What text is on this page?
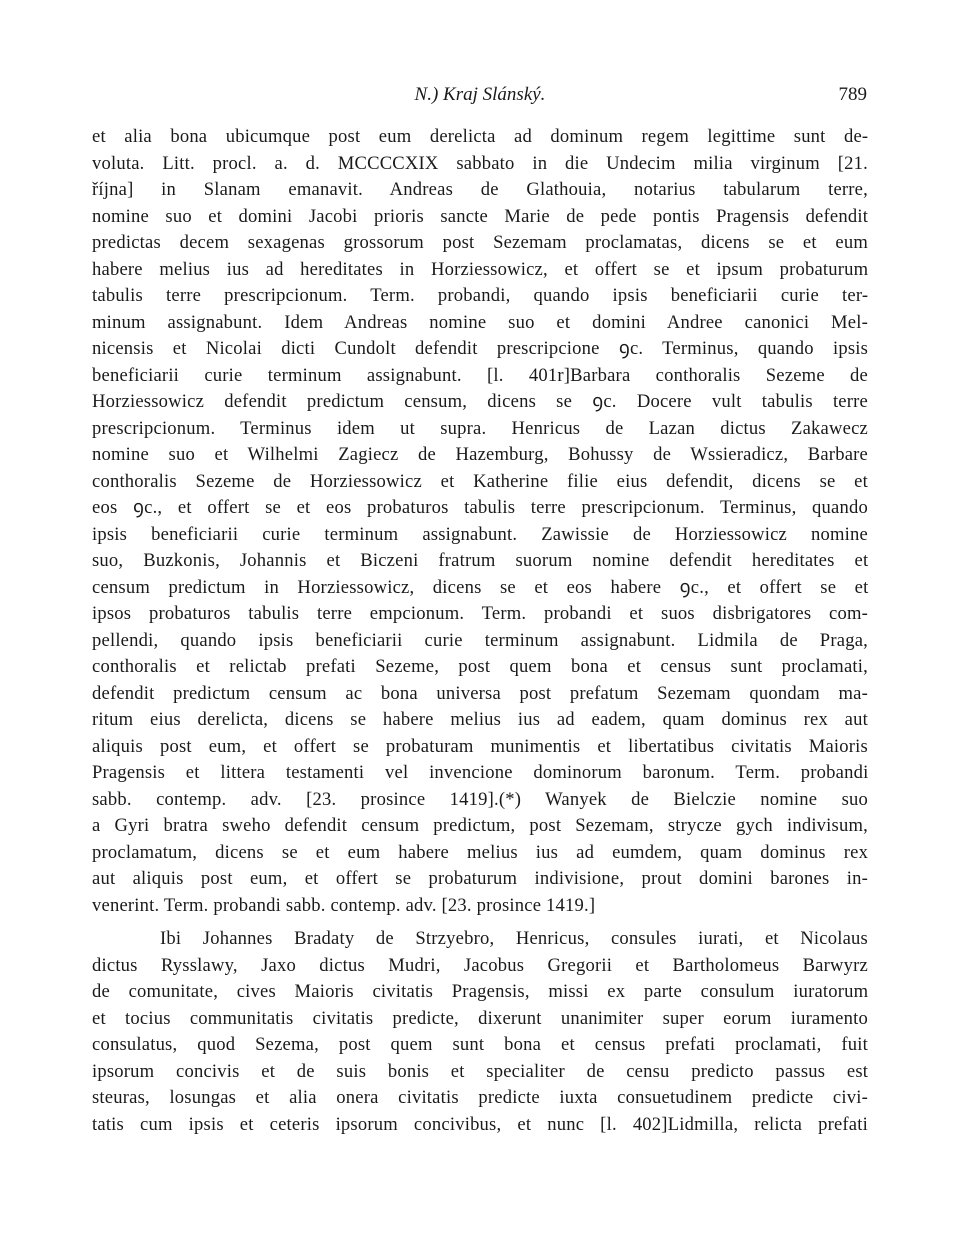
N.) Kraj Slánský.	789
et alia bona ubicumque post eum derelicta ad dominum regem legittime sunt de-
voluta. Litt. procl. a. d. MCCCCXIX sabbato in die Undecim milia virginum [21.
října] in Slanam emanavit. Andreas de Glathouia, notarius tabularum terre,
nomine suo et domini Jacobi prioris sancte Marie de pede pontis Pragensis defendit
predictas decem sexagenas grossorum post Sezemam proclamatas, dicens se et eum
habere melius ius ad hereditates in Horziessowicz, et offert se et ipsum probaturum
tabulis terre prescripcionum. Term. probandi, quando ipsis beneficiarii curie ter-
minum assignabunt. Idem Andreas nomine suo et domini Andree canonici Mel-
nicensis et Nicolai dicti Cundolt defendit prescripcione ꝯc. Terminus, quando ipsis
beneficiarii curie terminum assignabunt. [l. 401r]Barbara conthoralis Sezeme de
Horziessowicz defendit predictum censum, dicens se ꝯc. Docere vult tabulis terre
prescripcionum. Terminus idem ut supra. Henricus de Lazan dictus Zakawecz
nomine suo et Wilhelmi Zagiecz de Hazemburg, Bohussy de Wssieradicz, Barbare
conthoralis Sezeme de Horziessowicz et Katherine filie eius defendit, dicens se et
eos ꝯc., et offert se et eos probaturos tabulis terre prescripcionum. Terminus, quando
ipsis beneficiarii curie terminum assignabunt. Zawissie de Horziessowicz nomine
suo, Buzkonis, Johannis et Biczeni fratrum suorum nomine defendit hereditates et
censum predictum in Horziessowicz, dicens se et eos habere ꝯc., et offert se et
ipsos probaturos tabulis terre empcionum. Term. probandi et suos disbrigatores com-
pellendi, quando ipsis beneficiarii curie terminum assignabunt. Lidmila de Praga,
conthoralis et relictab prefati Sezeme, post quem bona et census sunt proclamati,
defendit predictum censum ac bona universa post prefatum Sezemam quondam ma-
ritum eius derelicta, dicens se habere melius ius ad eadem, quam dominus rex aut
aliquis post eum, et offert se probaturam munimentis et libertatibus civitatis Maioris
Pragensis et littera testamenti vel invencione dominorum baronum. Term. probandi
sabb. contemp. adv. [23. prosince 1419].(*) Wanyek de Bielczie nomine suo
a Gyri bratra sweho defendit censum predictum, post Sezemam, strycze gych indivisum,
proclamatum, dicens se et eum habere melius ius ad eumdem, quam dominus rex
aut aliquis post eum, et offert se probaturum indivisione, prout domini barones in-
venerint. Term. probandi sabb. contemp. adv. [23. prosince 1419.]
Ibi Johannes Bradaty de Strzyebro, Henricus, consules iurati, et Nicolaus
dictus Rysslawy, Jaxo dictus Mudri, Jacobus Gregorii et Bartholomeus Barwyrz
de comunitate, cives Maioris civitatis Pragensis, missi ex parte consulum iuratorum
et tocius communitatis civitatis predicte, dixerunt unanimiter super eorum iuramento
consulatus, quod Sezema, post quem sunt bona et census prefati proclamati, fuit
ipsorum concivis et de suis bonis et specialiter de censu predicto passus est
steuras, losungas et alia onera civitatis predicte iuxta consuetudinem predicte civi-
tatis cum ipsis et ceteris ipsorum concivibus, et nunc [l. 402]Lidmilla, relicta prefati
